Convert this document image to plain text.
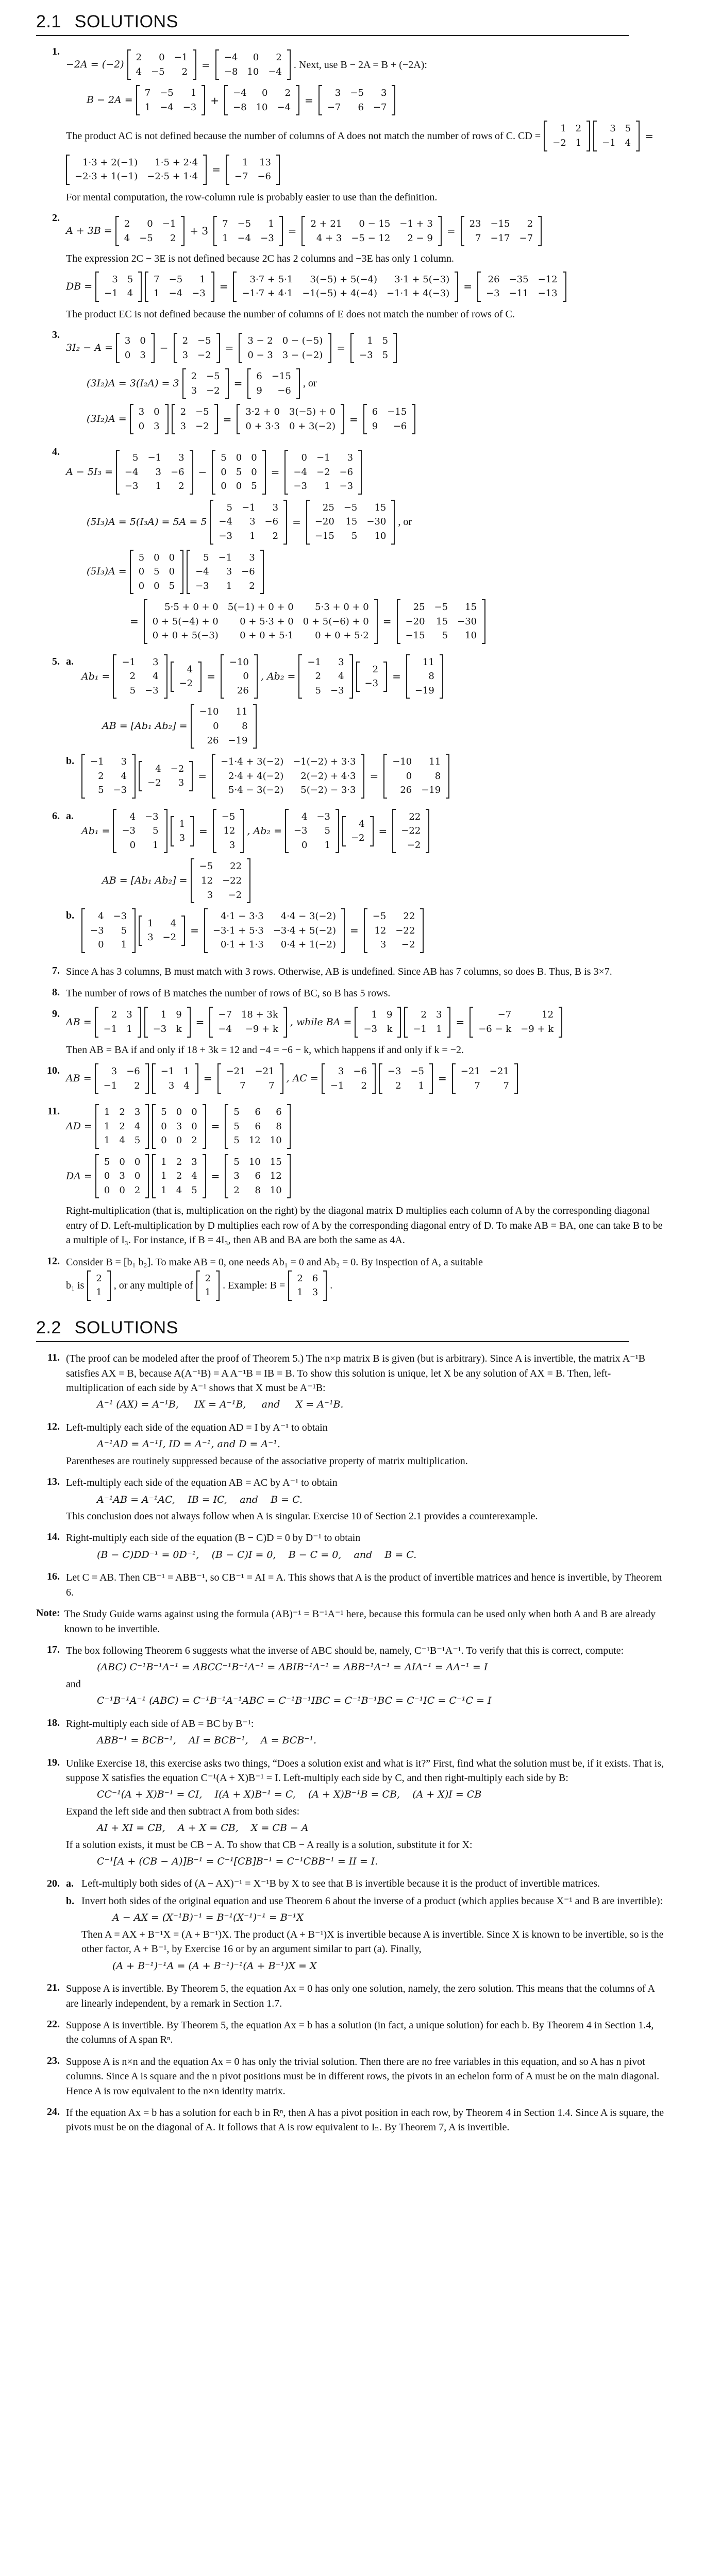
2.1 SOLUTIONS
1.
−2A = (−2)
2	0	−1
4	−5	2
=
−4	0	2
−8	10	−4
. Next, use B − 2A = B + (−2A):
B − 2A =
7	−5	1
1	−4	−3
+
−4	0	2
−8	10	−4
=
3	−5	3
−7	6	−7
The product AC is not defined because the number of columns of A does not match the number of rows of C. CD =
1	2
−2	1
3	5
−1	4
=
1·3 + 2(−1)	1·5 + 2·4
−2·3 + 1(−1)	−2·5 + 1·4
=
1	13
−7	−6

For mental computation, the row-column rule is probably easier to use than the definition.

2.
A + 3B =
2	0	−1
4	−5	2
+ 3
7	−5	1
1	−4	−3
=
2 + 21	0 − 15	−1 + 3
4 + 3	−5 − 12	2 − 9
=
23	−15	2
7	−17	−7

The expression 2C − 3E is not defined because 2C has 2 columns and −3E has only 1 column.

DB =
3	5
−1	4
7	−5	1
1	−4	−3
=
3·7 + 5·1	3(−5) + 5(−4)	3·1 + 5(−3)
−1·7 + 4·1	−1(−5) + 4(−4)	−1·1 + 4(−3)
=
26	−35	−12
−3	−11	−13

The product EC is not defined because the number of columns of E does not match the number of rows of C.

3.
3I₂ − A =
3	0
0	3
−
2	−5
3	−2
=
3 − 2	0 − (−5)
0 − 3	3 − (−2)
=
1	5
−3	5
(3I₂)A = 3(I₂A) = 3
2	−5
3	−2
=
6	−15
9	−6
, or
(3I₂)A =
3	0
0	3
2	−5
3	−2
=
3·2 + 0	3(−5) + 0
0 + 3·3	0 + 3(−2)
=
6	−15
9	−6
4.
A − 5I₃ =
5	−1	3
−4	3	−6
−3	1	2
−
5	0	0
0	5	0
0	0	5
=
0	−1	3
−4	−2	−6
−3	1	−3
(5I₃)A = 5(I₃A) = 5A = 5
5	−1	3
−4	3	−6
−3	1	2
=
25	−5	15
−20	15	−30
−15	5	10
, or
(5I₃)A =
5	0	0
0	5	0
0	0	5
5	−1	3
−4	3	−6
−3	1	2
=
5·5 + 0 + 0	5(−1) + 0 + 0	5·3 + 0 + 0
0 + 5(−4) + 0	0 + 5·3 + 0	0 + 5(−6) + 0
0 + 0 + 5(−3)	0 + 0 + 5·1	0 + 0 + 5·2
=
25	−5	15
−20	15	−30
−15	5	10
5. a.
Ab₁ =
−1	3
2	4
5	−3
4
−2
=
−10
0
26
, Ab₂ =
−1	3
2	4
5	−3
2
−3
=
11
8
−19
AB = [Ab₁ Ab₂] =
−10	11
0	8
26	−19
b.	−1	3
2	4
5	−3
4	−2
−2	3
=
−1·4 + 3(−2)	−1(−2) + 3·3
2·4 + 4(−2)	2(−2) + 4·3
5·4 − 3(−2)	5(−2) − 3·3
=
−10	11
0	8
26	−19
6. a.
Ab₁ =
4	−3
−3	5
0	1
1
3
=
−5
12
3
, Ab₂ =
4	−3
−3	5
0	1
4
−2
=
22
−22
−2
AB = [Ab₁ Ab₂] =
−5	22
12	−22
3	−2
b.	4	−3
−3	5
0	1
1	4
3	−2
=
4·1 − 3·3	4·4 − 3(−2)
−3·1 + 5·3	−3·4 + 5(−2)
0·1 + 1·3	0·4 + 1(−2)
=
−5	22
12	−22
3	−2
7. Since A has 3 columns, B must match with 3 rows. Otherwise, AB is undefined. Since AB has 7 columns, so does B. Thus, B is 3×7.

8. The number of rows of B matches the number of rows of BC, so B has 5 rows.

9.
AB =
2	3
−1	1
1	9
−3	k
=
−7	18 + 3k
−4	−9 + k
, while BA =
1	9
−3	k
2	3
−1	1
=
−7	12
−6 − k	−9 + k

Then AB = BA if and only if 18 + 3k = 12 and −4 = −6 − k, which happens if and only if k = −2.

10.
AB =
3	−6
−1	2
−1	1
3	4
=
−21	−21
7	7
, AC =
3	−6
−1	2
−3	−5
2	1
=
−21	−21
7	7
11.
AD =
1	2	3
1	2	4
1	4	5
5	0	0
0	3	0
0	0	2
=
5	6	6
5	6	8
5	12	10
DA =
5	0	0
0	3	0
0	0	2
1	2	3
1	2	4
1	4	5
=
5	10	15
3	6	12
2	8	10

Right-multiplication (that is, multiplication on the right) by the diagonal matrix D multiplies each column of A by the corresponding diagonal entry of D. Left-multiplication by D multiplies each row of A by the corresponding diagonal entry of D. To make AB = BA, one can take B to be a multiple of I₃. For instance, if B = 4I₃, then AB and BA are both the same as 4A.

12. Consider B = [b₁ b₂]. To make AB = 0, one needs Ab₁ = 0 and Ab₂ = 0. By inspection of A, a suitable

b₁ is
2
1
, or any multiple of
2
1
. Example: B =
2	6
1	3
.
2.2 SOLUTIONS
11. (The proof can be modeled after the proof of Theorem 5.) The n×p matrix B is given (but is arbitrary). Since A is invertible, the matrix A⁻¹B satisfies AX = B, because A(A⁻¹B) = A A⁻¹B = IB = B. To show this solution is unique, let X be any solution of AX = B. Then, left-multiplication of each side by A⁻¹ shows that X must be A⁻¹B:

A⁻¹ (AX) = A⁻¹B,     IX = A⁻¹B,     and     X = A⁻¹B.
12. Left-multiply each side of the equation AD = I by A⁻¹ to obtain

A⁻¹AD = A⁻¹I, ID = A⁻¹, and D = A⁻¹.

Parentheses are routinely suppressed because of the associative property of matrix multiplication.

13. Left-multiply each side of the equation AB = AC by A⁻¹ to obtain

A⁻¹AB = A⁻¹AC,    IB = IC,    and    B = C.

This conclusion does not always follow when A is singular. Exercise 10 of Section 2.1 provides a counterexample.

14. Right-multiply each side of the equation (B − C)D = 0 by D⁻¹ to obtain

(B − C)DD⁻¹ = 0D⁻¹,    (B − C)I = 0,    B − C = 0,    and    B = C.
16. Let C = AB. Then CB⁻¹ = ABB⁻¹, so CB⁻¹ = AI = A. This shows that A is the product of invertible matrices and hence is invertible, by Theorem 6.

Note: The Study Guide warns against using the formula (AB)⁻¹ = B⁻¹A⁻¹ here, because this formula can be used only when both A and B are already known to be invertible.

17. The box following Theorem 6 suggests what the inverse of ABC should be, namely, C⁻¹B⁻¹A⁻¹. To verify that this is correct, compute:

(ABC) C⁻¹B⁻¹A⁻¹ = ABCC⁻¹B⁻¹A⁻¹ = ABIB⁻¹A⁻¹ = ABB⁻¹A⁻¹ = AIA⁻¹ = AA⁻¹ = I

and

C⁻¹B⁻¹A⁻¹ (ABC) = C⁻¹B⁻¹A⁻¹ABC = C⁻¹B⁻¹IBC = C⁻¹B⁻¹BC = C⁻¹IC = C⁻¹C = I
18. Right-multiply each side of AB = BC by B⁻¹:

ABB⁻¹ = BCB⁻¹,    AI = BCB⁻¹,    A = BCB⁻¹.
19. Unlike Exercise 18, this exercise asks two things, “Does a solution exist and what is it?” First, find what the solution must be, if it exists. That is, suppose X satisfies the equation C⁻¹(A + X)B⁻¹ = I. Left-multiply each side by C, and then right-multiply each side by B:

CC⁻¹(A + X)B⁻¹ = CI,    I(A + X)B⁻¹ = C,    (A + X)B⁻¹B = CB,    (A + X)I = CB

Expand the left side and then subtract A from both sides:

AI + XI = CB,    A + X = CB,    X = CB − A

If a solution exists, it must be CB − A. To show that CB − A really is a solution, substitute it for X:

C⁻¹[A + (CB − A)]B⁻¹ = C⁻¹[CB]B⁻¹ = C⁻¹CBB⁻¹ = II = I.
20. a. Left-multiply both sides of (A − AX)⁻¹ = X⁻¹B by X to see that B is invertible because it is the product of invertible matrices.

b. Invert both sides of the original equation and use Theorem 6 about the inverse of a product (which applies because X⁻¹ and B are invertible):

A − AX = (X⁻¹B)⁻¹ = B⁻¹(X⁻¹)⁻¹ = B⁻¹X

Then A = AX + B⁻¹X = (A + B⁻¹)X. The product (A + B⁻¹)X is invertible because A is invertible. Since X is known to be invertible, so is the other factor, A + B⁻¹, by Exercise 16 or by an argument similar to part (a). Finally,

(A + B⁻¹)⁻¹A = (A + B⁻¹)⁻¹(A + B⁻¹)X = X
21. Suppose A is invertible. By Theorem 5, the equation Ax = 0 has only one solution, namely, the zero solution. This means that the columns of A are linearly independent, by a remark in Section 1.7.

22. Suppose A is invertible. By Theorem 5, the equation Ax = b has a solution (in fact, a unique solution) for each b. By Theorem 4 in Section 1.4, the columns of A span Rⁿ.

23. Suppose A is n×n and the equation Ax = 0 has only the trivial solution. Then there are no free variables in this equation, and so A has n pivot columns. Since A is square and the n pivot positions must be in different rows, the pivots in an echelon form of A must be on the main diagonal. Hence A is row equivalent to the n×n identity matrix.

24. If the equation Ax = b has a solution for each b in Rⁿ, then A has a pivot position in each row, by Theorem 4 in Section 1.4. Since A is square, the pivots must be on the diagonal of A. It follows that A is row equivalent to Iₙ. By Theorem 7, A is invertible.
